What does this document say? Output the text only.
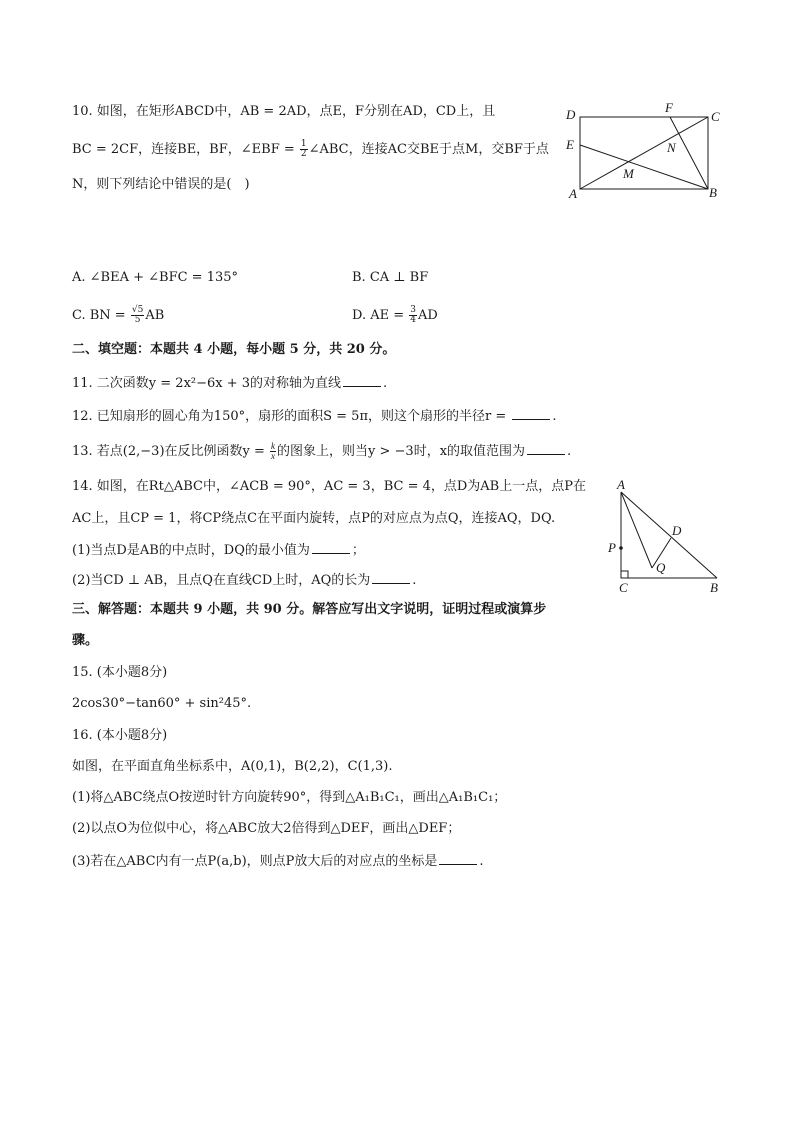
10. 如图，在矩形ABCD中，AB = 2AD，点E，F分别在AD，CD上，且
BC = 2CF，连接BE，BF，∠EBF = $\frac{1}{2}$ ∠ABC，连接AC交BE于点M，交BF于点
N，则下列结论中错误的是(　)
D	F
C
E	N
M
A	B
A. ∠BEA + ∠BFC = 135°	B. CA ⊥ BF
C. BN = $\frac{√5}{5}$ AB	D. AE = $\frac{3}{4}$ AD
二、填空题：本题共 4 小题，每小题 5 分，共 20 分。
11. 二次函数y = 2x²−6x + 3的对称轴为直线	.
12. 已知扇形的圆心角为150°，扇形的面积S = 5π，则这个扇形的半径r =	.
13. 若点(2,−3)在反比例函数$y = \frac{k}{x}$ 的图象上，则当y > −3时，x的取值范围为	.
14. 如图，在Rt△ABC中，∠ACB = 90°，AC = 3，BC = 4，点D为AB上一点，点P在
AC上，且CP = 1，将CP绕点C在平面内旋转，点P的对应点为点Q，连接AQ，DQ.
(1)当点D是AB的中点时，DQ的最小值为	；
(2)当CD ⊥ AB，且点Q在直线CD上时，AQ的长为	.
A
D
P
Q
C	B
三、解答题：本题共 9 小题，共 90 分。解答应写出文字说明，证明过程或演算步
骤。
15. (本小题8分)
2cos30°−tan60° + sin²45°.
16. (本小题8分)
如图，在平面直角坐标系中，A(0,1)，B(2,2)，C(1,3).
(1)将△ABC绕点O按逆时针方向旋转90°，得到△A₁B₁C₁，画出△A₁B₁C₁；
(2)以点O为位似中心，将△ABC放大2倍得到△DEF，画出△DEF；
(3)若在△ABC内有一点P(a,b)，则点P放大后的对应点的坐标是	.
